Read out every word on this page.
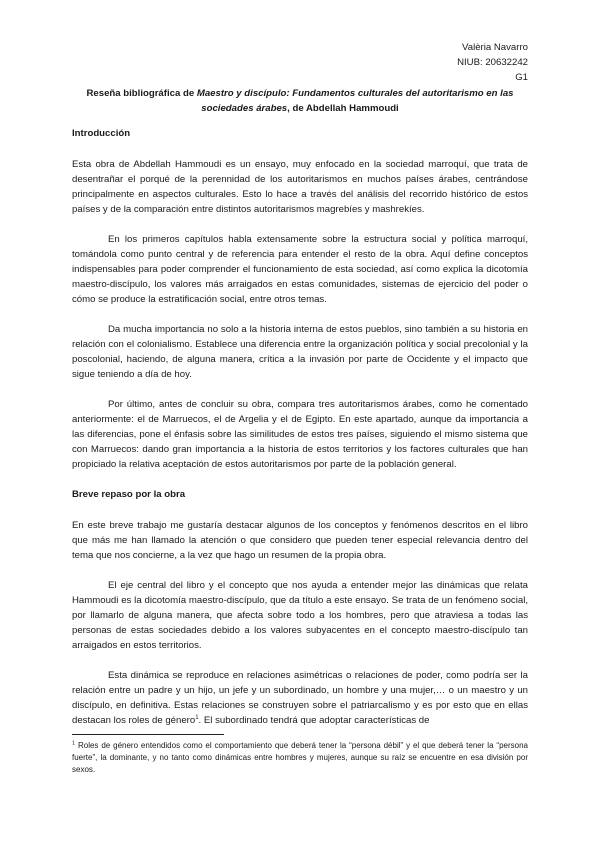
Valèria Navarro
NIUB: 20632242
G1
Reseña bibliográfica de Maestro y discípulo: Fundamentos culturales del autoritarismo en las sociedades árabes, de Abdellah Hammoudi
Introducción

Esta obra de Abdellah Hammoudi es un ensayo, muy enfocado en la sociedad marroquí, que trata de desentrañar el porqué de la perennidad de los autoritarismos en muchos países árabes, centrándose principalmente en aspectos culturales. Esto lo hace a través del análisis del recorrido histórico de estos países y de la comparación entre distintos autoritarismos magrebíes y mashrekíes.

En los primeros capítulos habla extensamente sobre la estructura social y política marroquí, tomándola como punto central y de referencia para entender el resto de la obra. Aquí define conceptos indispensables para poder comprender el funcionamiento de esta sociedad, así como explica la dicotomía maestro-discípulo, los valores más arraigados en estas comunidades, sistemas de ejercicio del poder o cómo se produce la estratificación social, entre otros temas.

Da mucha importancia no solo a la historia interna de estos pueblos, sino también a su historia en relación con el colonialismo. Establece una diferencia entre la organización política y social precolonial y la poscolonial, haciendo, de alguna manera, crítica a la invasión por parte de Occidente y el impacto que sigue teniendo a día de hoy.

Por último, antes de concluir su obra, compara tres autoritarismos árabes, como he comentado anteriormente: el de Marruecos, el de Argelia y el de Egipto. En este apartado, aunque da importancia a las diferencias, pone el énfasis sobre las similitudes de estos tres países, siguiendo el mismo sistema que con Marruecos: dando gran importancia a la historia de estos territorios y los factores culturales que han propiciado la relativa aceptación de estos autoritarismos por parte de la población general.

Breve repaso por la obra

En este breve trabajo me gustaría destacar algunos de los conceptos y fenómenos descritos en el libro que más me han llamado la atención o que considero que pueden tener especial relevancia dentro del tema que nos concierne, a la vez que hago un resumen de la propia obra.

El eje central del libro y el concepto que nos ayuda a entender mejor las dinámicas que relata Hammoudi es la dicotomía maestro-discípulo, que da título a este ensayo. Se trata de un fenómeno social, por llamarlo de alguna manera, que afecta sobre todo a los hombres, pero que atraviesa a todas las personas de estas sociedades debido a los valores subyacentes en el concepto maestro-discípulo tan arraigados en estos territorios.

Esta dinámica se reproduce en relaciones asimétricas o relaciones de poder, como podría ser la relación entre un padre y un hijo, un jefe y un subordinado, un hombre y una mujer,… o un maestro y un discípulo, en definitiva. Estas relaciones se construyen sobre el patriarcalismo y es por esto que en ellas destacan los roles de género$^1$. El subordinado tendrá que adoptar características de

$^1$ Roles de género entendidos como el comportamiento que deberá tener la “persona débil” y el que deberá tener la “persona fuerte”, la dominante, y no tanto como dinámicas entre hombres y mujeres, aunque su raíz se encuentre en esa división por sexos.
